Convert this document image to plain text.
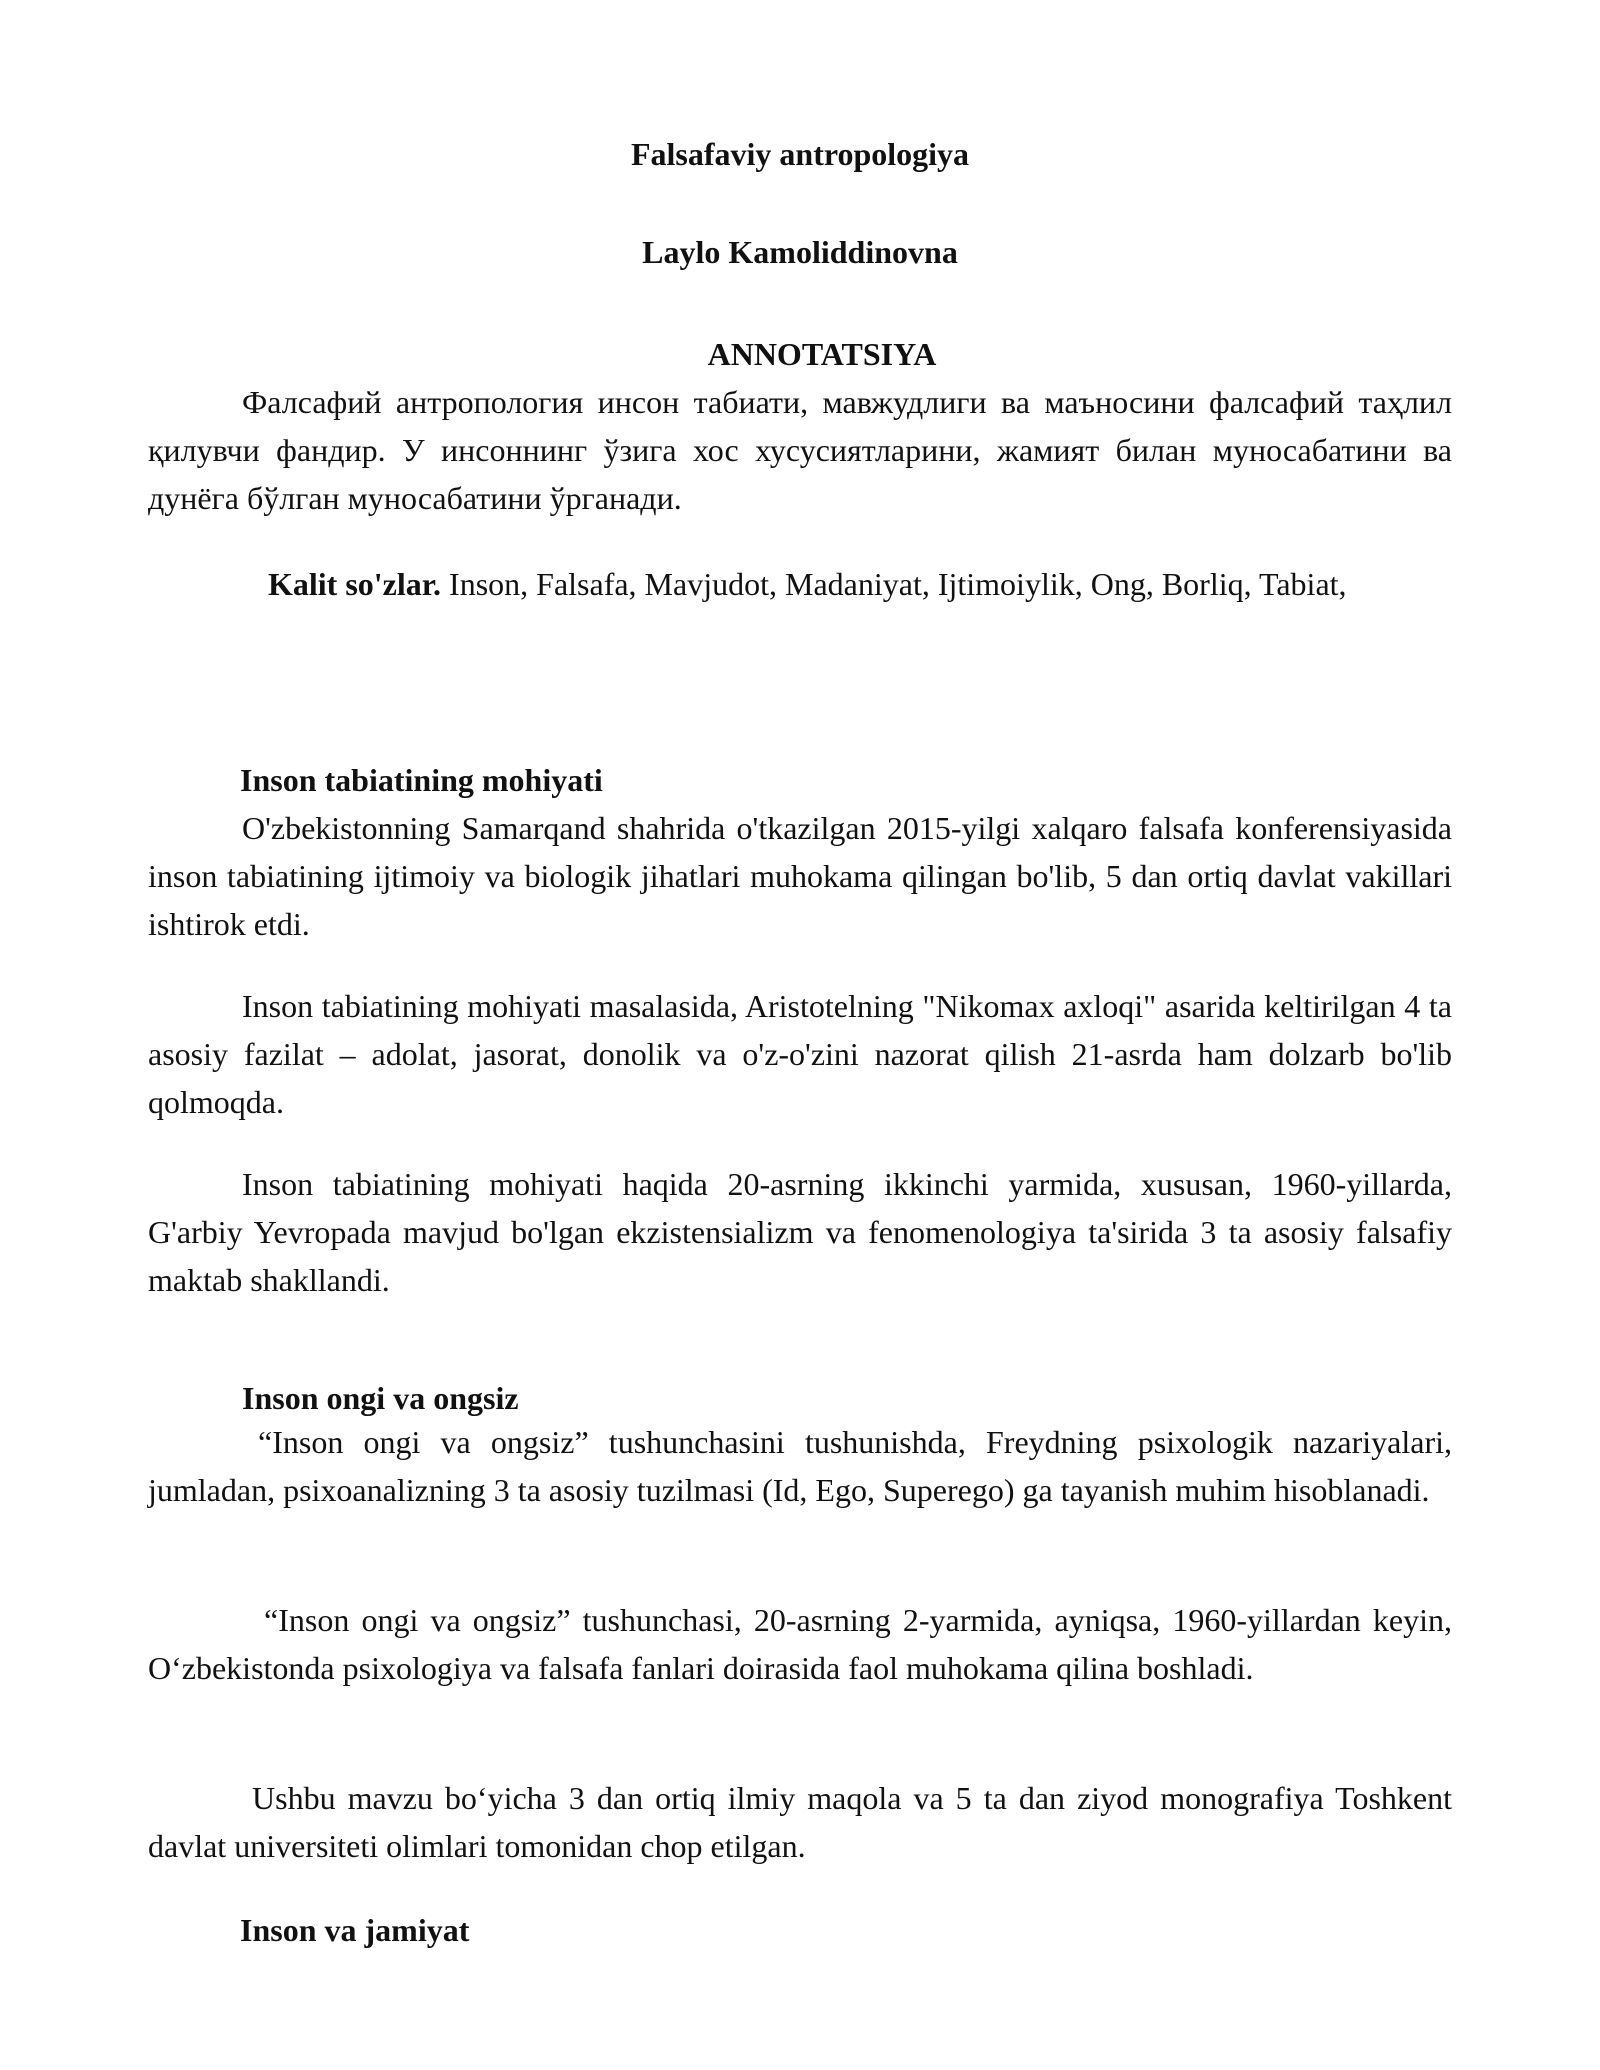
Falsafaviy antropologiya

Laylo Kamoliddinovna

ANNOTATSIYA

Фалсафий антропология инсон табиати, мавжудлиги ва маъносини фалсафий таҳлил қилувчи фандир. У инсоннинг ўзига хос хусусиятларини, жамият билан муносабатини ва дунёга бўлган муносабатини ўрганади.

Kalit so'zlar. Inson, Falsafa, Mavjudot, Madaniyat, Ijtimoiylik, Ong, Borliq, Tabiat,

Inson tabiatining mohiyati

O'zbekistonning Samarqand shahrida o'tkazilgan 2015-yilgi xalqaro falsafa konferensiyasida inson tabiatining ijtimoiy va biologik jihatlari muhokama qilingan bo'lib, 5 dan ortiq davlat vakillari ishtirok etdi.

Inson tabiatining mohiyati masalasida, Aristotelning "Nikomax axloqi" asarida keltirilgan 4 ta asosiy fazilat – adolat, jasorat, donolik va o'z-o'zini nazorat qilish 21-asrda ham dolzarb bo'lib qolmoqda.

Inson tabiatining mohiyati haqida 20-asrning ikkinchi yarmida, xususan, 1960-yillarda, G'arbiy Yevropada mavjud bo'lgan ekzistensializm va fenomenologiya ta'sirida 3 ta asosiy falsafiy maktab shakllandi.

Inson ongi va ongsiz

“Inson ongi va ongsiz” tushunchasini tushunishda, Freydning psixologik nazariyalari, jumladan, psixoanalizning 3 ta asosiy tuzilmasi (Id, Ego, Superego) ga tayanish muhim hisoblanadi.

“Inson ongi va ongsiz” tushunchasi, 20-asrning 2-yarmida, ayniqsa, 1960-yillardan keyin, Oʻzbekistonda psixologiya va falsafa fanlari doirasida faol muhokama qilina boshladi.

Ushbu mavzu boʻyicha 3 dan ortiq ilmiy maqola va 5 ta dan ziyod monografiya Toshkent davlat universiteti olimlari tomonidan chop etilgan.

Inson va jamiyat
